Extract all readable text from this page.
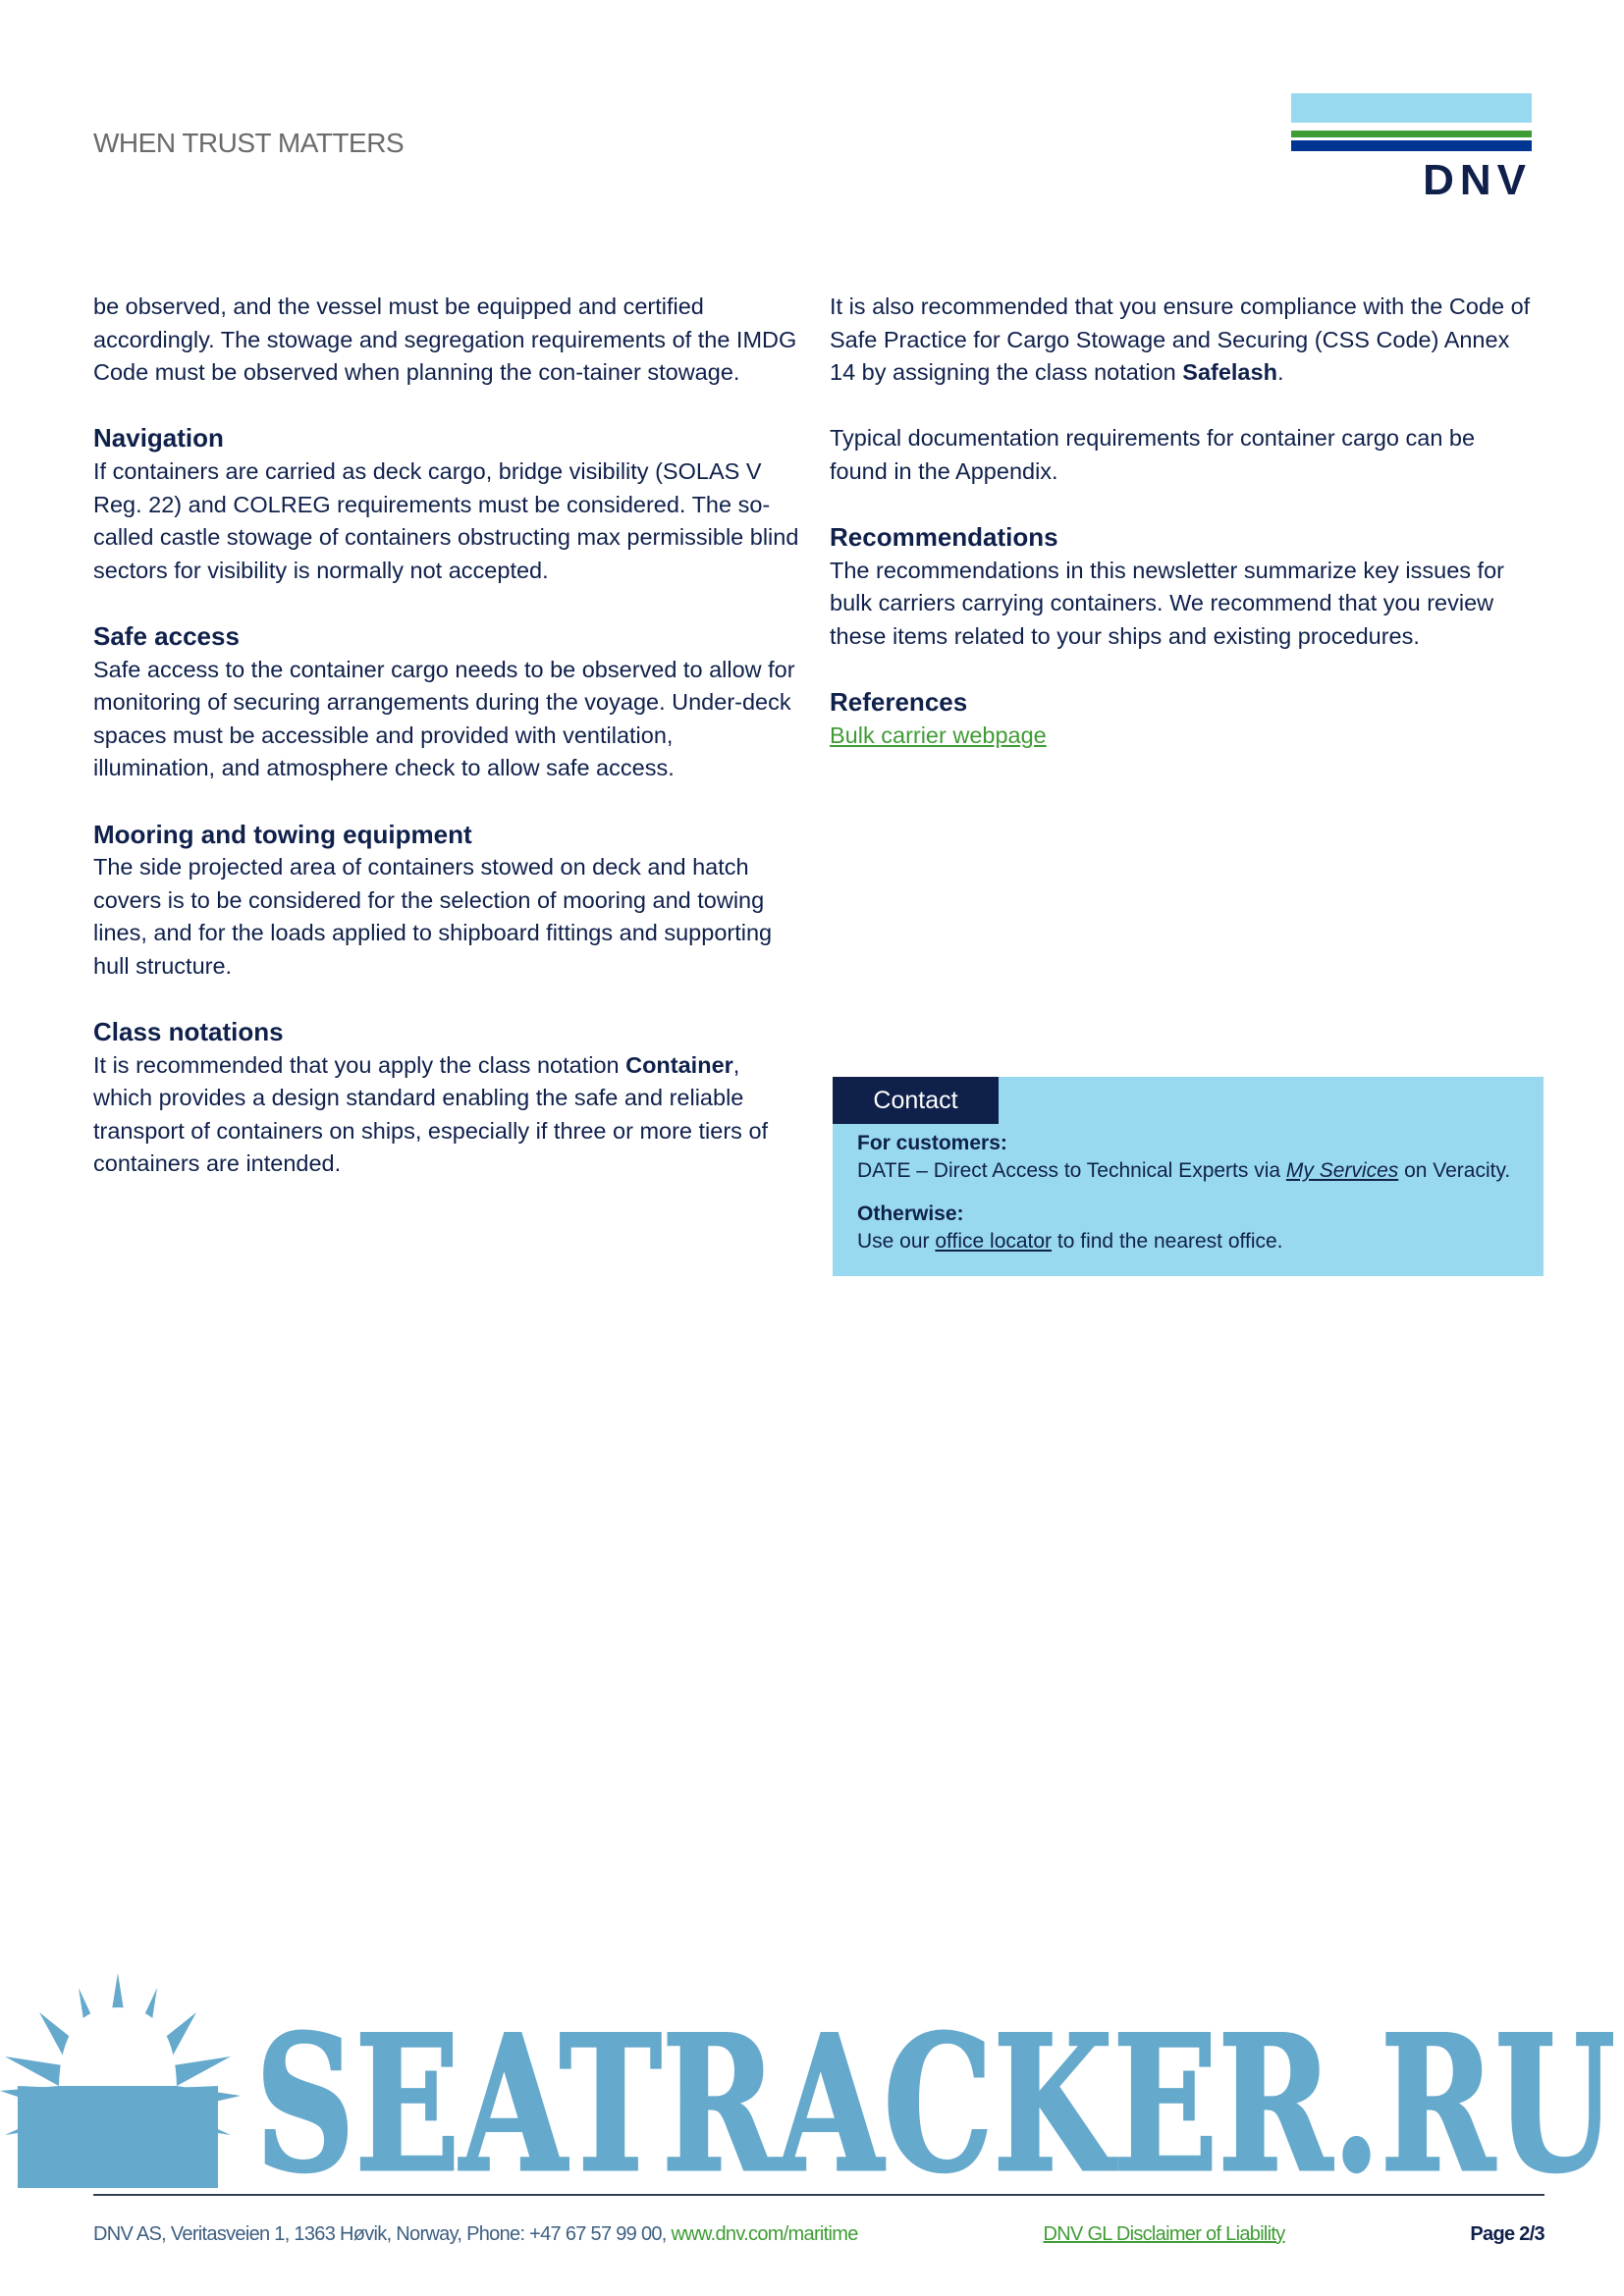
WHEN TRUST MATTERS
DNV

be observed, and the vessel must be equipped and certified accordingly. The stowage and segregation requirements of the IMDG Code must be observed when planning the con-tainer stowage.

Navigation

If containers are carried as deck cargo, bridge visibility (SOLAS V Reg. 22) and COLREG requirements must be considered. The so-called castle stowage of containers obstructing max permissible blind sectors for visibility is normally not accepted.

Safe access

Safe access to the container cargo needs to be observed to allow for monitoring of securing arrangements during the voyage. Under-deck spaces must be accessible and provided with ventilation, illumination, and atmosphere check to allow safe access.

Mooring and towing equipment

The side projected area of containers stowed on deck and hatch covers is to be considered for the selection of mooring and towing lines, and for the loads applied to shipboard fittings and supporting hull structure.

Class notations

It is recommended that you apply the class notation Container, which provides a design standard enabling the safe and reliable transport of containers on ships, especially if three or more tiers of containers are intended.

It is also recommended that you ensure compliance with the Code of Safe Practice for Cargo Stowage and Securing (CSS Code) Annex 14 by assigning the class notation Safelash.

Typical documentation requirements for container cargo can be found in the Appendix.

Recommendations

The recommendations in this newsletter summarize key issues for bulk carriers carrying containers. We recommend that you review these items related to your ships and existing procedures.

References

Bulk carrier webpage

Contact
For customers:
DATE – Direct Access to Technical Experts via My Services on Veracity.
Otherwise:
Use our office locator to find the nearest office.
SEATRACKER.RU
DNV AS, Veritasveien 1, 1363 Høvik, Norway, Phone: +47 67 57 99 00, www.dnv.com/maritime	DNV GL Disclaimer of Liability	Page 2/3
